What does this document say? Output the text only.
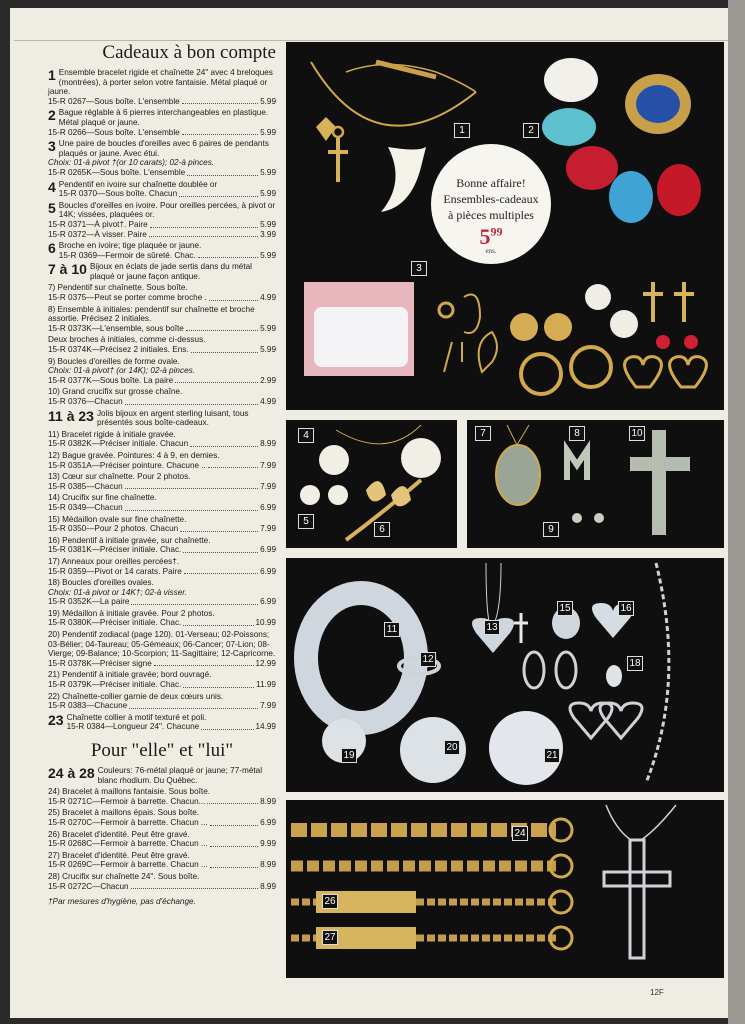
Cadeaux à bon compte
1 Ensemble bracelet rigide et chaînette 24" avec 4 breloques (montrées), à porter selon votre fantaisie. Métal plaqué or jaune.
15-R 0267—Sous boîte. L'ensemble	5.99
2 Bague réglable à 6 pierres interchangeables en plastique. Métal plaqué or jaune.
15-R 0266—Sous boîte. L'ensemble	5.99
3 Une paire de boucles d'oreilles avec 6 paires de pendants plaqués or jaune. Avec étui.
Choix: 01-à pivot †(or 10 carats); 02-à pinces.
15-R 0265K—Sous boîte. L'ensemble	5.99
4 Pendentif en ivoire sur chaînette doublée or
15-R 0370—Sous boîte. Chacun	5.99
5 Boucles d'oreilles en ivoire. Pour oreilles percées, à pivot or 14K; vissées, plaquées or.
15-R 0371—À pivot†. Paire	5.99
15-R 0372—À visser. Paire	3.99
6 Broche en ivoire; tige plaquée or jaune.
15-R 0369—Fermoir de sûreté. Chac.	5.99
7 à 10 Bijoux en éclats de jade sertis dans du métal plaqué or jaune façon antique.
7) Pendentif sur chaînette. Sous boîte.
15-R 0375—Peut se porter comme broche .	4.99
8) Ensemble à initiales: pendentif sur chaînette et broche assortie. Précisez 2 initiales.
15-R 0373K—L'ensemble, sous boîte	5.99
Deux broches à initiales, comme ci-dessus.
15-R 0374K—Précisez 2 initiales. Ens.	5.99
9) Boucles d'oreilles de forme ovale.
Choix: 01-à pivot† (or 14K); 02-à pinces.
15-R 0377K—Sous boîte. La paire	2.99
10) Grand crucifix sur grosse chaîne.
15-R 0376—Chacun	4.99
11 à 23 Jolis bijoux en argent sterling luisant, tous présentés sous boîte-cadeaux.
11) Bracelet rigide à initiale gravée.
15-R 0382K—Préciser initiale. Chacun	8.99
12) Bague gravée. Pointures: 4 à 9, en demies.
15-R 0351A—Préciser pointure. Chacune ..	7.99
13) Cœur sur chaînette. Pour 2 photos.
15-R 0385—Chacun	7.99
14) Crucifix sur fine chaînette.
15-R 0349—Chacun	6.99
15) Médaillon ovale sur fine chaînette.
15-R 0350—Pour 2 photos. Chacun	7.99
16) Pendentif à initiale gravée, sur chaînette.
15-R 0381K—Préciser initiale. Chac.	6.99
17) Anneaux pour oreilles percées†.
15-R 0359—Pivot or 14 carats. Paire	6.99
18) Boucles d'oreilles ovales.
Choix: 01-à pivot or 14K†; 02-à visser.
15-R 0352K—La paire	6.99
19) Médaillon à initiale gravée. Pour 2 photos.
15-R 0380K—Préciser initiale. Chac.	10.99
20) Pendentif zodiacal (page 120). 01-Verseau; 02-Poissons; 03-Bélier; 04-Taureau; 05-Gémeaux; 06-Cancer; 07-Lion; 08-Vierge; 09-Balance; 10-Scorpion; 11-Sagittaire; 12-Capricorne.
15-R 0378K—Préciser signe	12.99
21) Pendentif à initiale gravée; bord ouvragé.
15-R 0379K—Préciser initiale. Chac.	11.99
22) Chaînette-collier garnie de deux cœurs unis.
15-R 0383—Chacune	7.99
23 Chaînette collier à motif texturé et poli.
15-R 0384—Longueur 24". Chacune	14.99
Pour "elle" et "lui"
24 à 28 Couleurs: 76-métal plaqué or jaune; 77-métal blanc rhodium. Du Québec.
24) Bracelet à maillons fantaisie. Sous boîte.
15-R 0271C—Fermoir à barrette. Chacun...	8.99
25) Bracelet à maillons épais. Sous boîte.
15-R 0270C—Fermoir à barrette. Chacun ...	6.99
26) Bracelet d'identité. Peut être gravé.
15-R 0268C—Fermoir à barrette. Chacun ...	9.99
27) Bracelet d'identité. Peut être gravé.
15-R 0269C—Fermoir à barrette. Chacun ...	8.99
28) Crucifix sur chaînette 24". Sous boîte.
15-R 0272C—Chacun	8.99
†Par mesures d'hygiène, pas d'échange.
Bonne affaire!
Ensembles-cadeaux
à pièces multiples
$5^{99}$
ens.
1	2
3
4
5
6
7	8
9
10
11
12
13
15	16
18
19
20
21
24
26
27
12F
